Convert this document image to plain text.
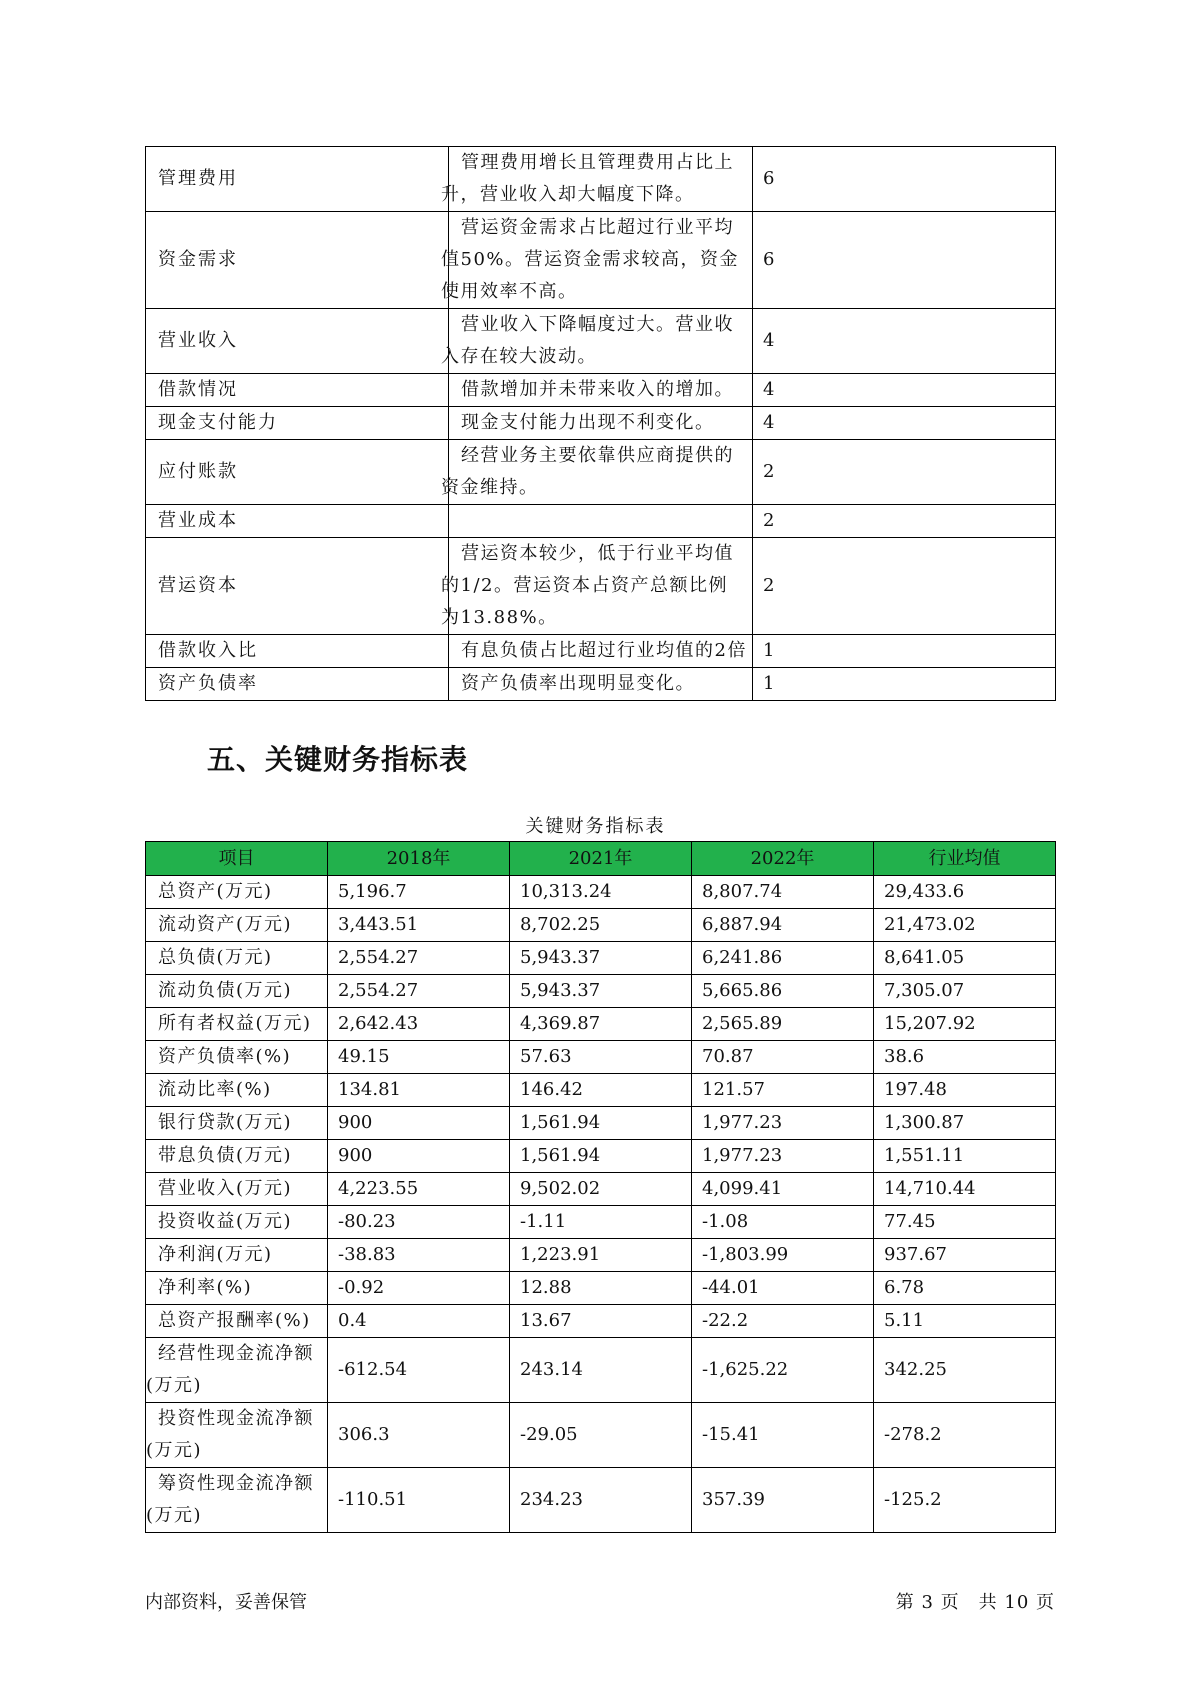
管理费用	管理费用增长且管理费用占比上
升，营业收入却大幅度下降。	6
资金需求	营运资金需求占比超过行业平均
值50%。营运资金需求较高，资金
使用效率不高。	6
营业收入	营业收入下降幅度过大。营业收
入存在较大波动。	4
借款情况	借款增加并未带来收入的增加。	4
现金支付能力	现金支付能力出现不利变化。	4
应付账款	经营业务主要依靠供应商提供的
资金维持。	2
营业成本		2
营运资本	营运资本较少，低于行业平均值
的1/2。营运资本占资产总额比例
为13.88%。	2
借款收入比	有息负债占比超过行业均值的2倍	1
资产负债率	资产负债率出现明显变化。	1
五、关键财务指标表
关键财务指标表
项目	2018年	2021年	2022年	行业均值

总资产(万元)	5,196.7	10,313.24	8,807.74	29,433.6

流动资产(万元)	3,443.51	8,702.25	6,887.94	21,473.02

总负债(万元)	2,554.27	5,943.37	6,241.86	8,641.05

流动负债(万元)	2,554.27	5,943.37	5,665.86	7,305.07

所有者权益(万元)	2,642.43	4,369.87	2,565.89	15,207.92

资产负债率(%)	49.15	57.63	70.87	38.6

流动比率(%)	134.81	146.42	121.57	197.48

银行贷款(万元)	900	1,561.94	1,977.23	1,300.87

带息负债(万元)	900	1,561.94	1,977.23	1,551.11

营业收入(万元)	4,223.55	9,502.02	4,099.41	14,710.44

投资收益(万元)	-80.23	-1.11	-1.08	77.45

净利润(万元)	-38.83	1,223.91	-1,803.99	937.67

净利率(%)	-0.92	12.88	-44.01	6.78

总资产报酬率(%)	0.4	13.67	-22.2	5.11

经营性现金流净额
(万元)	-612.54	243.14	-1,625.22	342.25

投资性现金流净额
(万元)	306.3	-29.05	-15.41	-278.2

筹资性现金流净额
(万元)	-110.51	234.23	357.39	-125.2

内部资料，妥善保管	第 3 页　共 10 页
